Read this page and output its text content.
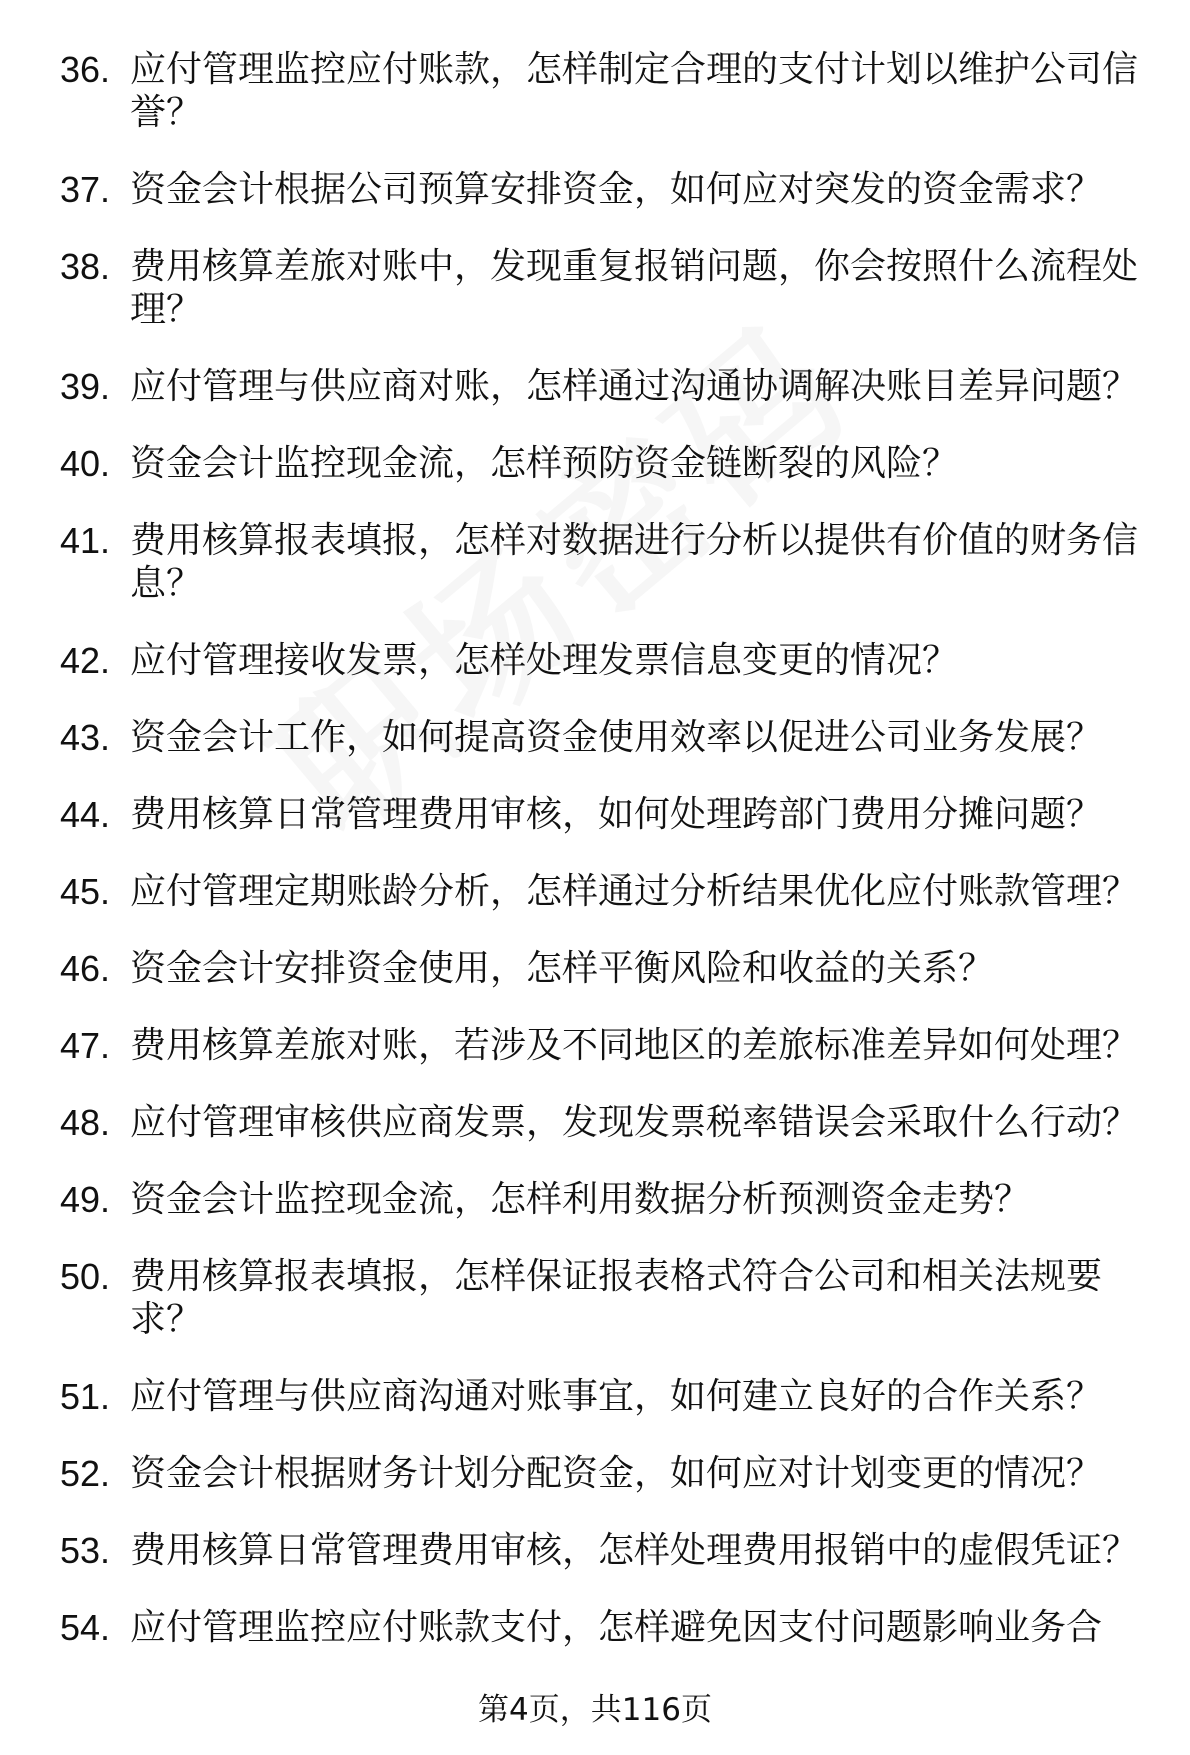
36. 应付管理监控应付账款，怎样制定合理的支付计划以维护公司信誉？
37. 资金会计根据公司预算安排资金，如何应对突发的资金需求？
38. 费用核算差旅对账中，发现重复报销问题，你会按照什么流程处理？
39. 应付管理与供应商对账，怎样通过沟通协调解决账目差异问题？
40. 资金会计监控现金流，怎样预防资金链断裂的风险？
41. 费用核算报表填报，怎样对数据进行分析以提供有价值的财务信息？
42. 应付管理接收发票，怎样处理发票信息变更的情况？
43. 资金会计工作，如何提高资金使用效率以促进公司业务发展？
44. 费用核算日常管理费用审核，如何处理跨部门费用分摊问题？
45. 应付管理定期账龄分析，怎样通过分析结果优化应付账款管理？
46. 资金会计安排资金使用，怎样平衡风险和收益的关系？
47. 费用核算差旅对账，若涉及不同地区的差旅标准差异如何处理？
48. 应付管理审核供应商发票，发现发票税率错误会采取什么行动？
49. 资金会计监控现金流，怎样利用数据分析预测资金走势？
50. 费用核算报表填报，怎样保证报表格式符合公司和相关法规要求？
51. 应付管理与供应商沟通对账事宜，如何建立良好的合作关系？
52. 资金会计根据财务计划分配资金，如何应对计划变更的情况？
53. 费用核算日常管理费用审核，怎样处理费用报销中的虚假凭证？
54. 应付管理监控应付账款支付，怎样避免因支付问题影响业务合
第4页，共116页
